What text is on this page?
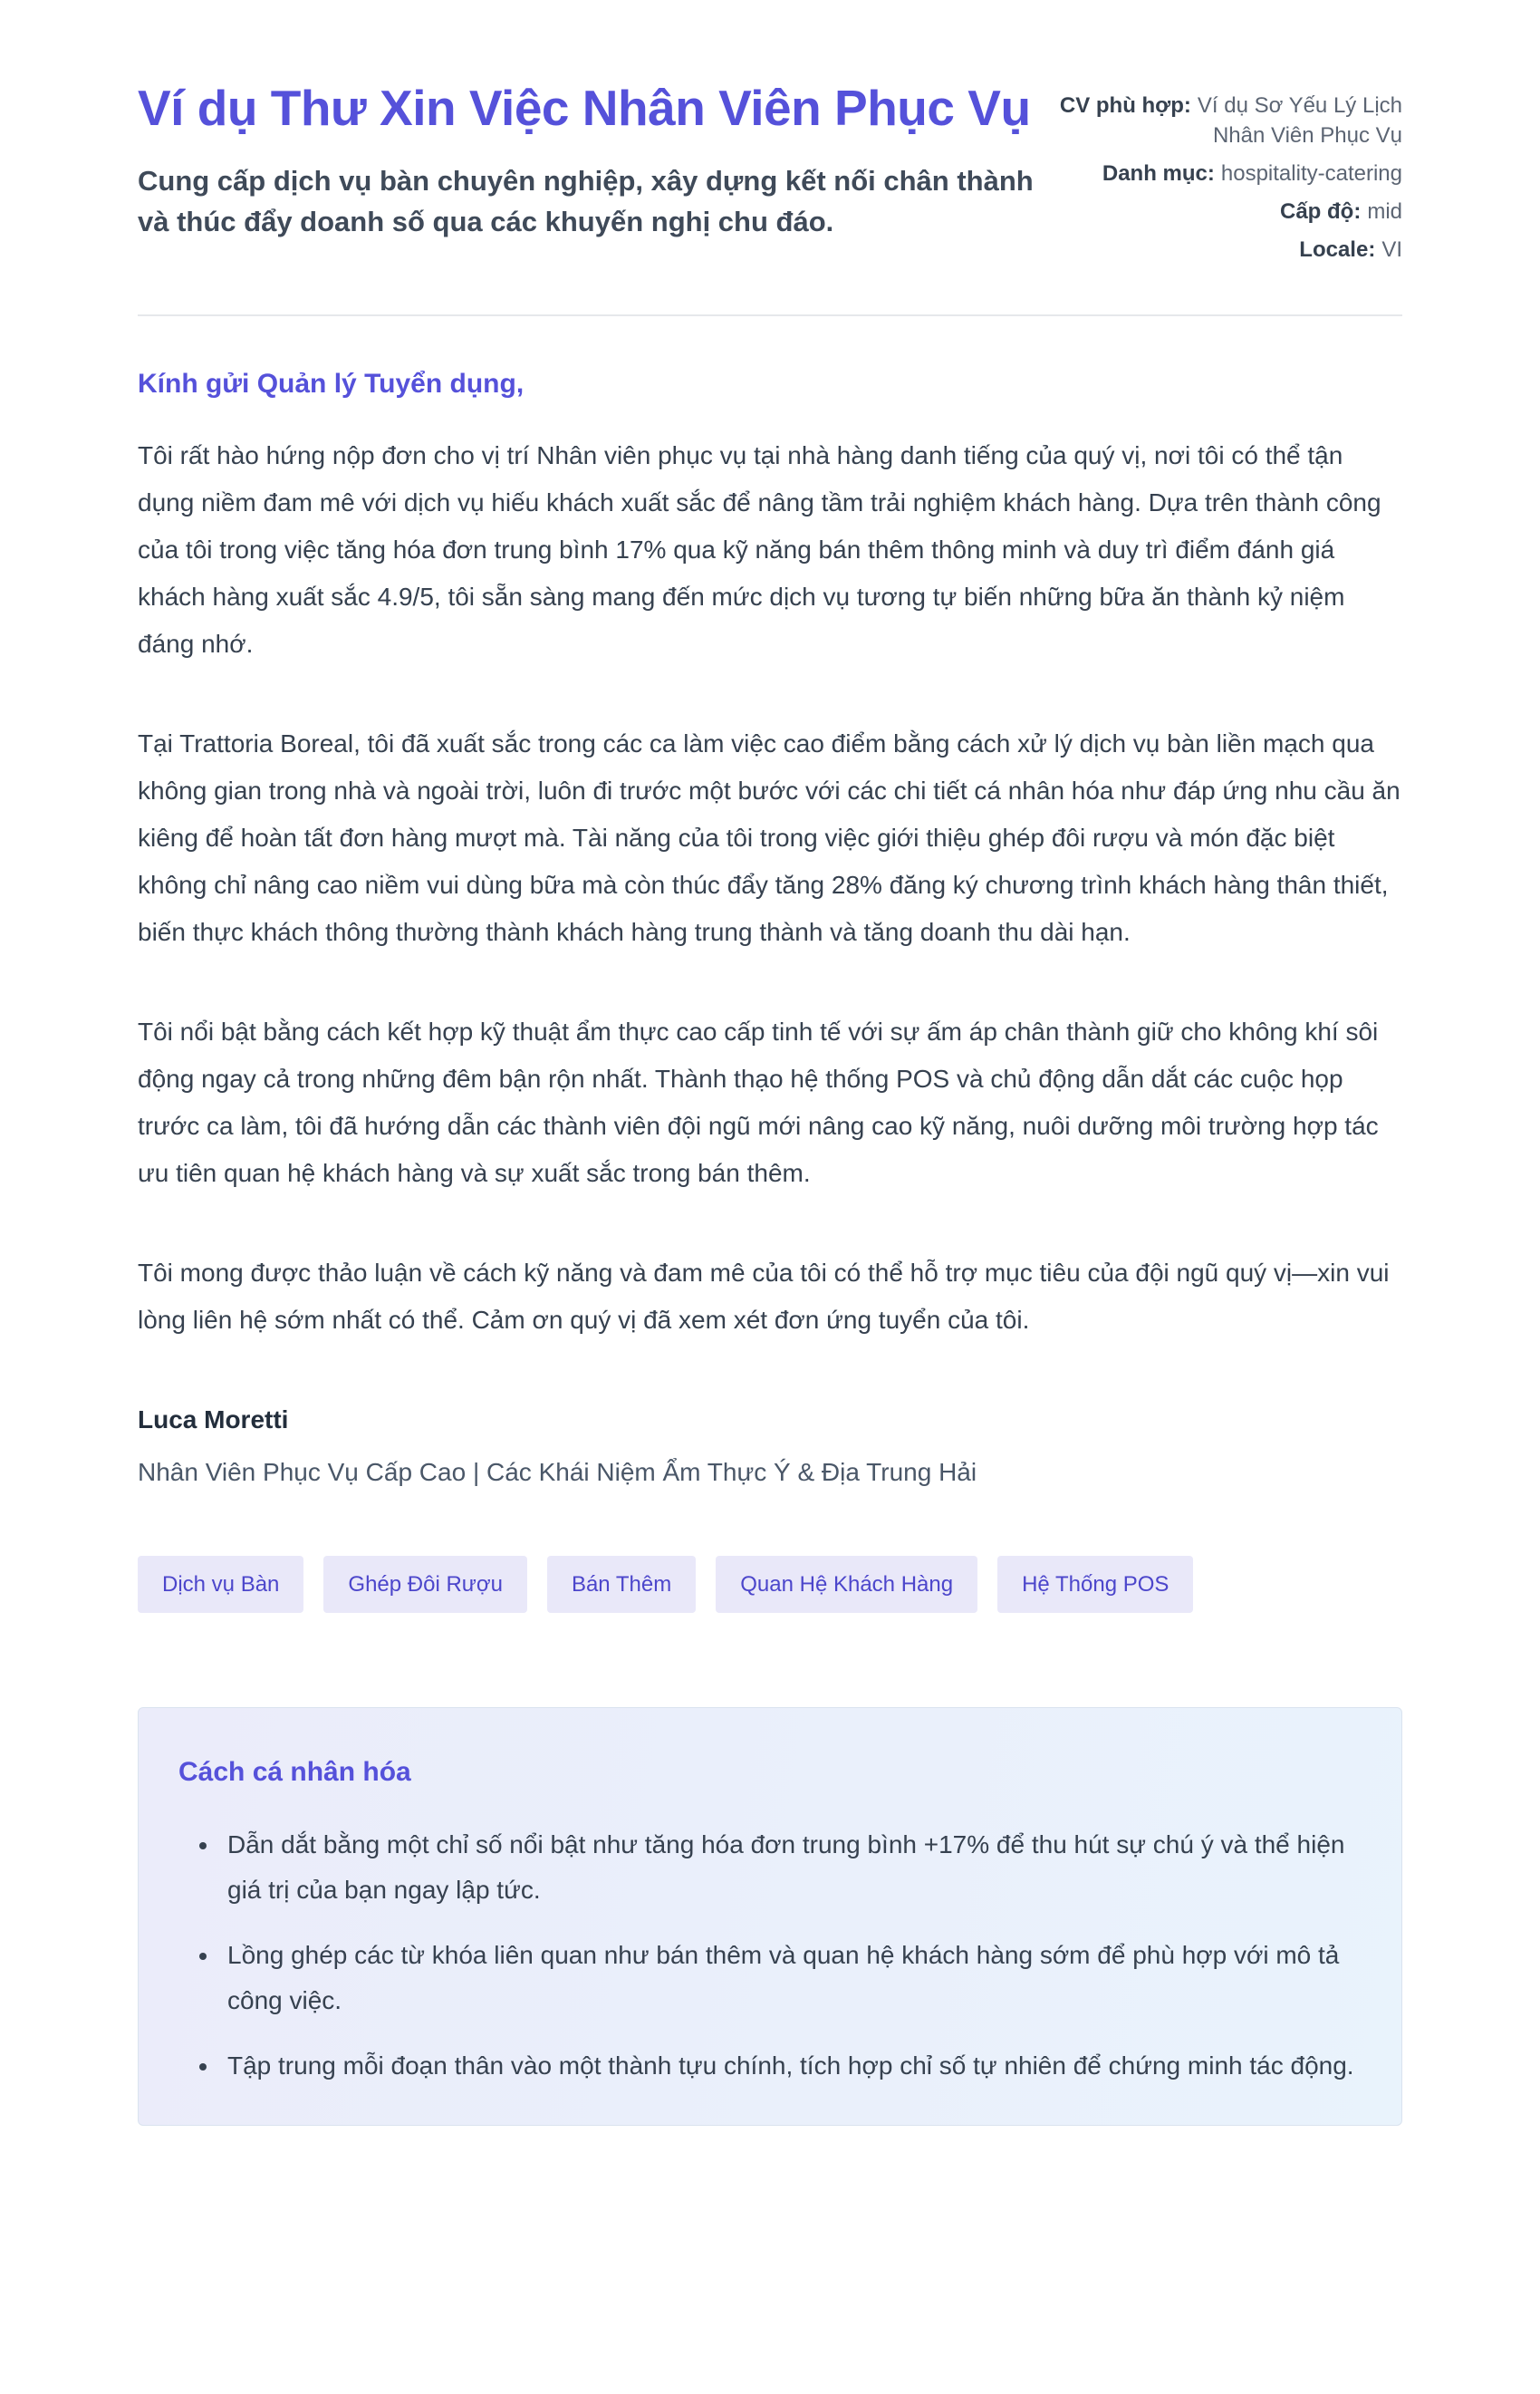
Ví dụ Thư Xin Việc Nhân Viên Phục Vụ

Cung cấp dịch vụ bàn chuyên nghiệp, xây dựng kết nối chân thành và thúc đẩy doanh số qua các khuyến nghị chu đáo.

CV phù hợp: Ví dụ Sơ Yếu Lý Lịch Nhân Viên Phục Vụ
Danh mục: hospitality-catering
Cấp độ: mid
Locale: VI

Kính gửi Quản lý Tuyển dụng,

Tôi rất hào hứng nộp đơn cho vị trí Nhân viên phục vụ tại nhà hàng danh tiếng của quý vị, nơi tôi có thể tận dụng niềm đam mê với dịch vụ hiếu khách xuất sắc để nâng tầm trải nghiệm khách hàng. Dựa trên thành công của tôi trong việc tăng hóa đơn trung bình 17% qua kỹ năng bán thêm thông minh và duy trì điểm đánh giá khách hàng xuất sắc 4.9/5, tôi sẵn sàng mang đến mức dịch vụ tương tự biến những bữa ăn thành kỷ niệm đáng nhớ.

Tại Trattoria Boreal, tôi đã xuất sắc trong các ca làm việc cao điểm bằng cách xử lý dịch vụ bàn liền mạch qua không gian trong nhà và ngoài trời, luôn đi trước một bước với các chi tiết cá nhân hóa như đáp ứng nhu cầu ăn kiêng để hoàn tất đơn hàng mượt mà. Tài năng của tôi trong việc giới thiệu ghép đôi rượu và món đặc biệt không chỉ nâng cao niềm vui dùng bữa mà còn thúc đẩy tăng 28% đăng ký chương trình khách hàng thân thiết, biến thực khách thông thường thành khách hàng trung thành và tăng doanh thu dài hạn.

Tôi nổi bật bằng cách kết hợp kỹ thuật ẩm thực cao cấp tinh tế với sự ấm áp chân thành giữ cho không khí sôi động ngay cả trong những đêm bận rộn nhất. Thành thạo hệ thống POS và chủ động dẫn dắt các cuộc họp trước ca làm, tôi đã hướng dẫn các thành viên đội ngũ mới nâng cao kỹ năng, nuôi dưỡng môi trường hợp tác ưu tiên quan hệ khách hàng và sự xuất sắc trong bán thêm.

Tôi mong được thảo luận về cách kỹ năng và đam mê của tôi có thể hỗ trợ mục tiêu của đội ngũ quý vị—xin vui lòng liên hệ sớm nhất có thể. Cảm ơn quý vị đã xem xét đơn ứng tuyển của tôi.

Luca Moretti

Nhân Viên Phục Vụ Cấp Cao | Các Khái Niệm Ẩm Thực Ý & Địa Trung Hải

Dịch vụ Bàn	Ghép Đôi Rượu	Bán Thêm	Quan Hệ Khách Hàng	Hệ Thống POS
Cách cá nhân hóa
• Dẫn dắt bằng một chỉ số nổi bật như tăng hóa đơn trung bình +17% để thu hút sự chú ý và thể hiện giá trị của bạn ngay lập tức.
• Lồng ghép các từ khóa liên quan như bán thêm và quan hệ khách hàng sớm để phù hợp với mô tả công việc.
• Tập trung mỗi đoạn thân vào một thành tựu chính, tích hợp chỉ số tự nhiên để chứng minh tác động.
